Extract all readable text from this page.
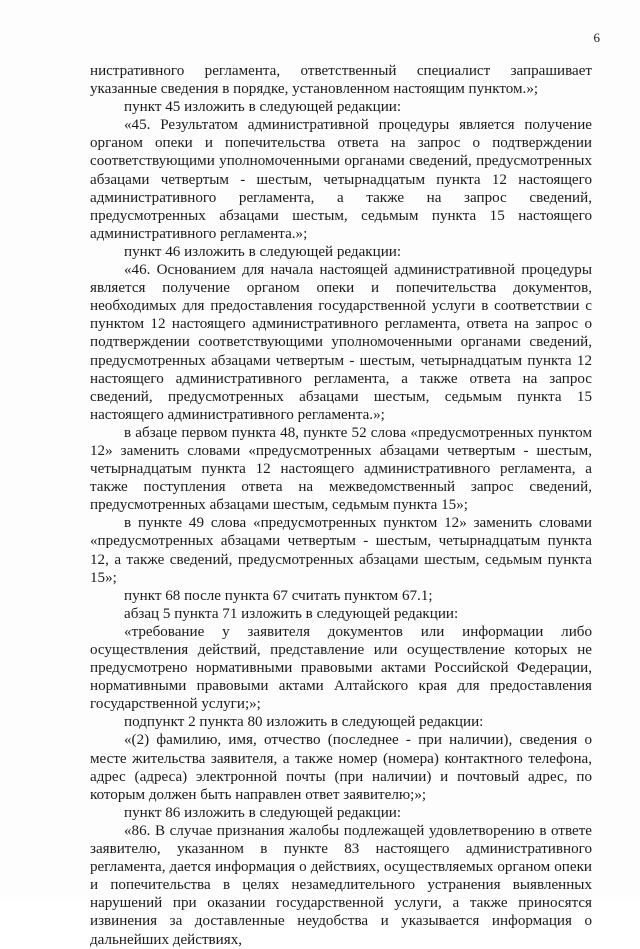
6

нистративного регламента, ответственный специалист запрашивает указанные сведения в порядке, установленном настоящим пунктом.»;

пункт 45 изложить в следующей редакции:

«45. Результатом административной процедуры является получение органом опеки и попечительства ответа на запрос о подтверждении соответствующими уполномоченными органами сведений, предусмотренных абзацами четвертым - шестым, четырнадцатым пункта 12 настоящего административного регламента, а также на запрос сведений, предусмотренных абзацами шестым, седьмым пункта 15 настоящего административного регламента.»;

пункт 46 изложить в следующей редакции:

«46. Основанием для начала настоящей административной процедуры является получение органом опеки и попечительства документов, необходимых для предоставления государственной услуги в соответствии с пунктом 12 настоящего административного регламента, ответа на запрос о подтверждении соответствующими уполномоченными органами сведений, предусмотренных абзацами четвертым - шестым, четырнадцатым пункта 12 настоящего административного регламента, а также ответа на запрос сведений, предусмотренных абзацами шестым, седьмым пункта 15 настоящего административного регламента.»;

в абзаце первом пункта 48, пункте 52 слова «предусмотренных пунктом 12» заменить словами «предусмотренных абзацами четвертым - шестым, четырнадцатым пункта 12 настоящего административного регламента, а также поступления ответа на межведомственный запрос сведений, предусмотренных абзацами шестым, седьмым пункта 15»;

в пункте 49 слова «предусмотренных пунктом 12» заменить словами «предусмотренных абзацами четвертым - шестым, четырнадцатым пункта 12, а также сведений, предусмотренных абзацами шестым, седьмым пункта 15»;

пункт 68 после пункта 67 считать пунктом 67.1;

абзац 5 пункта 71 изложить в следующей редакции:

«требование у заявителя документов или информации либо осуществления действий, представление или осуществление которых не предусмотрено нормативными правовыми актами Российской Федерации, нормативными правовыми актами Алтайского края для предоставления государственной услуги;»;

подпункт 2 пункта 80 изложить в следующей редакции:

«(2) фамилию, имя, отчество (последнее - при наличии), сведения о месте жительства заявителя, а также номер (номера) контактного телефона, адрес (адреса) электронной почты (при наличии) и почтовый адрес, по которым должен быть направлен ответ заявителю;»;

пункт 86 изложить в следующей редакции:

«86. В случае признания жалобы подлежащей удовлетворению в ответе заявителю, указанном в пункте 83 настоящего административного регламента, дается информация о действиях, осуществляемых органом опеки и попечительства в целях незамедлительного устранения выявленных нарушений при оказании государственной услуги, а также приносятся извинения за доставленные неудобства и указывается информация о дальнейших действиях,
